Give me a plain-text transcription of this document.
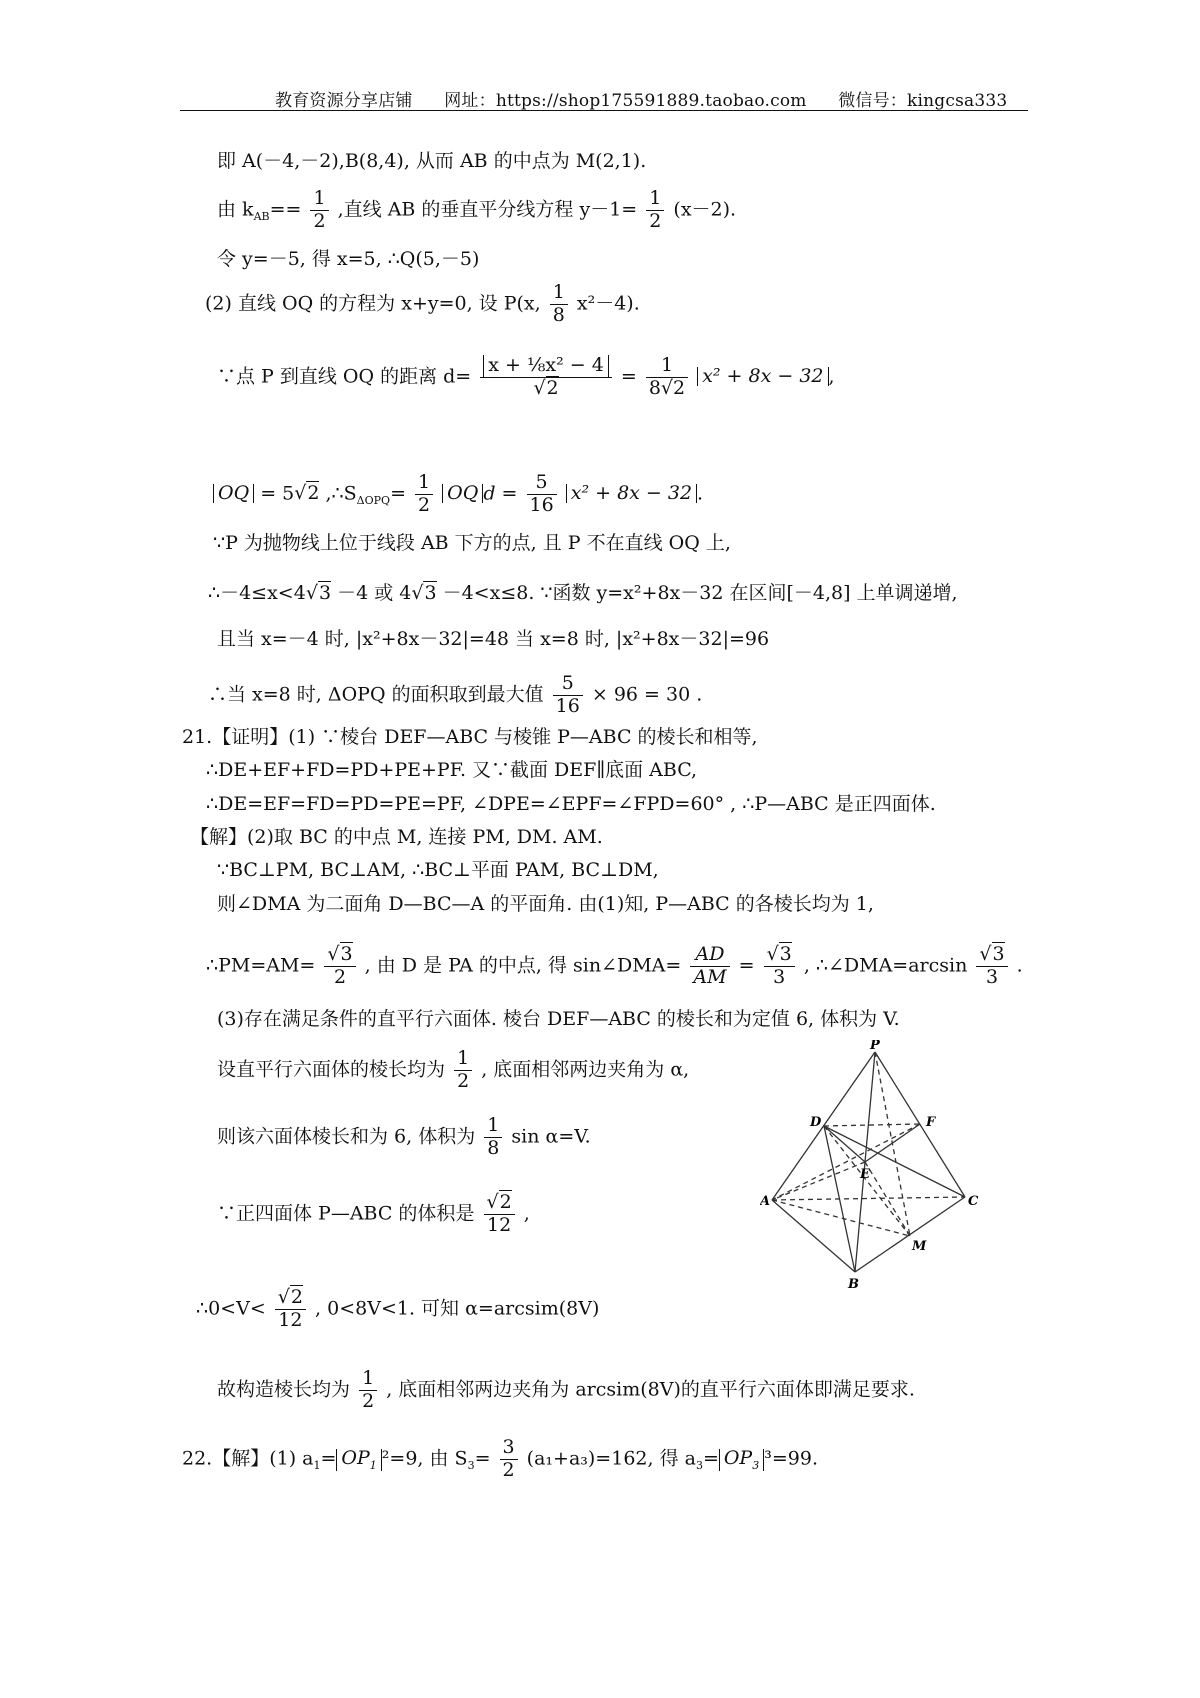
教育资源分享店铺 网址：https://shop175591889.taobao.com 微信号：kingcsa333
即 A(－4,－2),B(8,4), 从而 AB 的中点为 M(2,1).
由 $k_{AB}== \frac{1}{2}$ ,直线 AB 的垂直平分线方程 $y-1= \frac{1}{2} (x-2)$.
令 y=－5, 得 x=5, ∴Q(5,－5)
(2) 直线 OQ 的方程为 x+y=0, 设 P(x, $\frac{1}{8} x^2-4$).
∵点 P 到直线 OQ 的距离 $d= \frac{\text{x + ⅛x² − 4}}{√2} = \frac{1}{8√2} x^2 + 8x - 32$ ,
OQ = 5√2 $,\therefore S_{\Delta OPQ}= \frac{1}{2}$ OQ $d = \frac{5}{16} x^2 + 8x - 32$ .
∵P 为抛物线上位于线段 AB 下方的点, 且 P 不在直线 OQ 上,
∴－4≤x<4√3 －4 或 4√3 －4<x≤8. ∵函数 y=x²+8x－32 在区间[－4,8] 上单调递增,
且当 x=－4 时, |x²+8x－32|=48 当 x=8 时, |x²+8x－32|=96
∴当 x=8 时, ΔOPQ 的面积取到最大值 $\frac{5}{16} \times 96 = 30$ .
21.【证明】(1) ∵棱台 DEF—ABC 与棱锥 P—ABC 的棱长和相等,
∴DE+EF+FD=PD+PE+PF. 又∵截面 DEF∥底面 ABC,
∴DE=EF=FD=PD=PE=PF, ∠DPE=∠EPF=∠FPD=60° , ∴P—ABC 是正四面体.
【解】(2)取 BC 的中点 M, 连接 PM, DM. AM.
∵BC⊥PM, BC⊥AM, ∴BC⊥平面 PAM, BC⊥DM,
则∠DMA 为二面角 D—BC—A 的平面角. 由(1)知, P—ABC 的各棱长均为 1,
∴PM=AM= $\frac{√3}{2}$ , 由 D 是 PA 的中点, 得 sin∠DMA= $\frac{AD}{AM} = \frac{√3}{3}$ , ∴∠DMA=arcsin $\frac{√3}{3}$ .
(3)存在满足条件的直平行六面体. 棱台 DEF—ABC 的棱长和为定值 6, 体积为 V.
设直平行六面体的棱长均为 $\frac{1}{2}$ , 底面相邻两边夹角为 α,
则该六面体棱长和为 6, 体积为 $\frac{1}{8}$ sin α=V.
∵正四面体 P—ABC 的体积是 $\frac{√2}{12}$ ,
∴0<V< $\frac{√2}{12}$ , 0<8V<1. 可知 α=arcsim(8V)
故构造棱长均为 $\frac{1}{2}$ , 底面相邻两边夹角为 arcsim(8V)的直平行六面体即满足要求.
22.【解】(1) $a_1= OP_1$ ²=9, 由 $S_3= \frac{3}{2} (a_1+a_3)=162$, 得 $a_3= OP_3$ ³=99.
P
D	F
E
A	C
M
B
